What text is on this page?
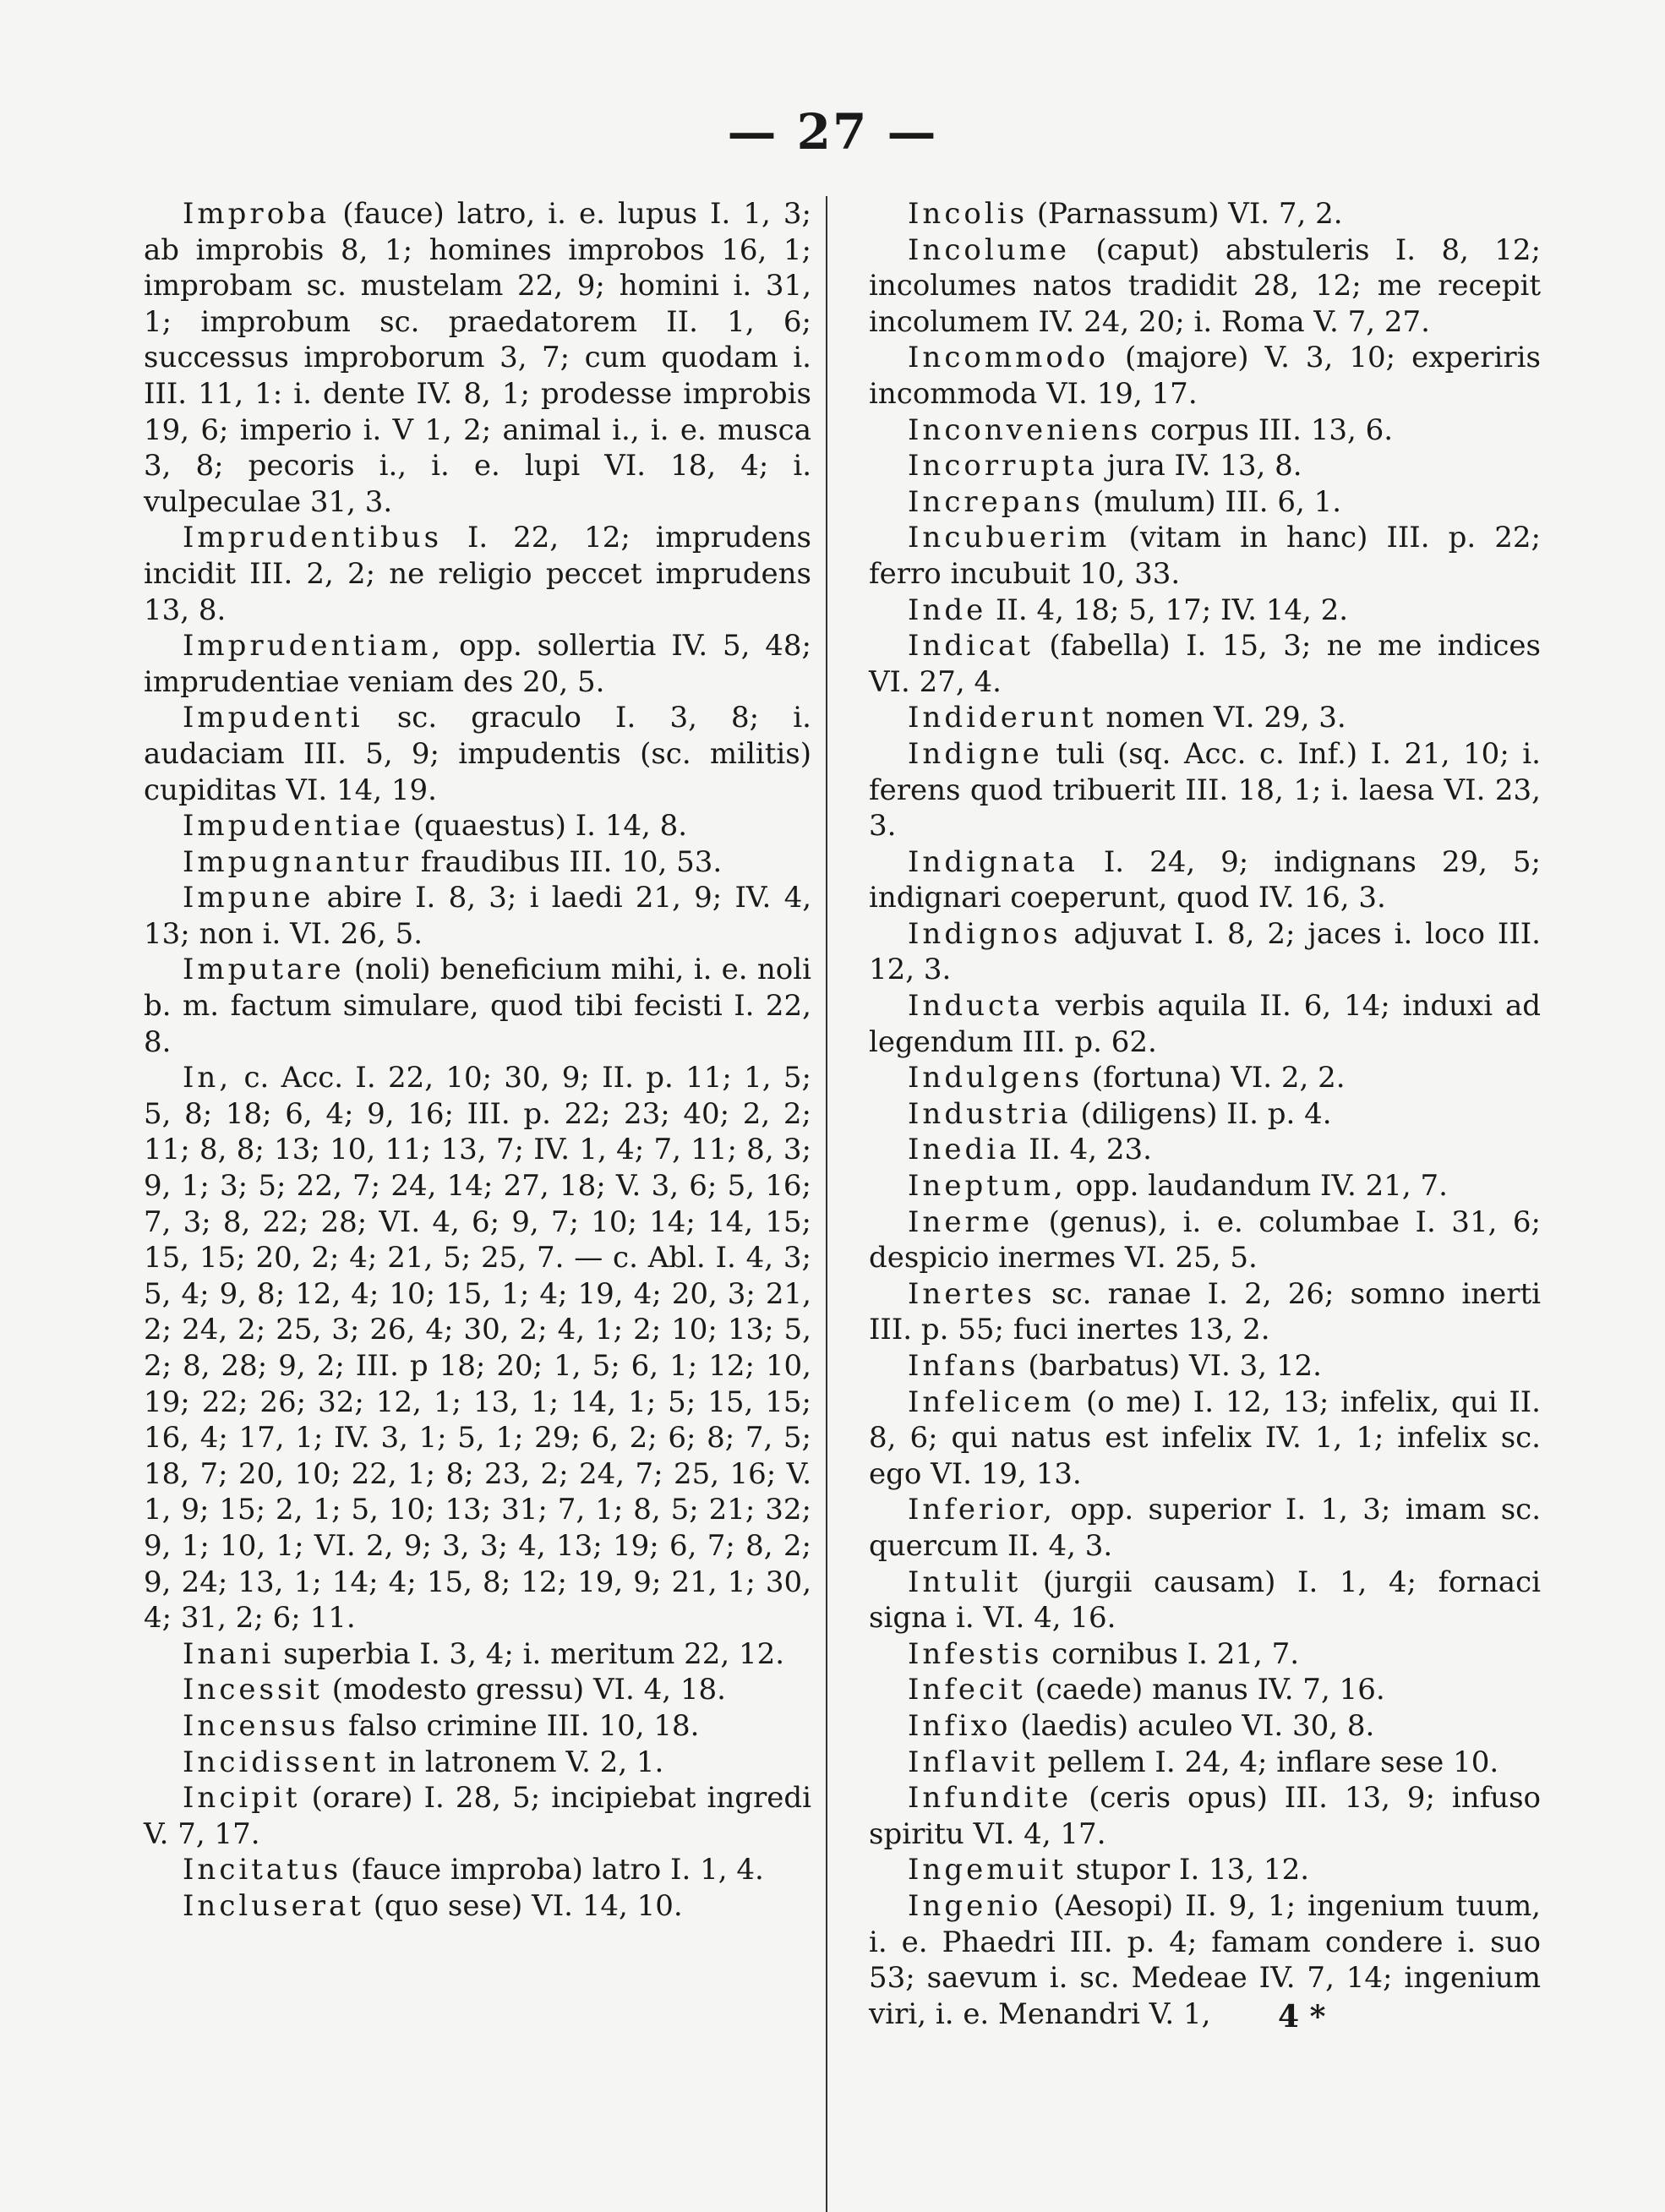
— 27 —

Improba (fauce) latro, i. e. lupus I. 1, 3; ab improbis 8, 1; homines improbos 16, 1; improbam sc. mustelam 22, 9; homini i. 31, 1; improbum sc. praedatorem II. 1, 6; successus improborum 3, 7; cum quodam i. III. 11, 1: i. dente IV. 8, 1; prodesse improbis 19, 6; imperio i. V 1, 2; animal i., i. e. musca 3, 8; pecoris i., i. e. lupi VI. 18, 4; i. vulpeculae 31, 3.

Imprudentibus I. 22, 12; imprudens incidit III. 2, 2; ne religio peccet imprudens 13, 8.

Imprudentiam, opp. sollertia IV. 5, 48; imprudentiae veniam des 20, 5.

Impudenti sc. graculo I. 3, 8; i. audaciam III. 5, 9; impudentis (sc. militis) cupiditas VI. 14, 19.

Impudentiae (quaestus) I. 14, 8.

Impugnantur fraudibus III. 10, 53.

Impune abire I. 8, 3; i laedi 21, 9; IV. 4, 13; non i. VI. 26, 5.

Imputare (noli) beneficium mihi, i. e. noli b. m. factum simulare, quod tibi fecisti I. 22, 8.

In, c. Acc. I. 22, 10; 30, 9; II. p. 11; 1, 5; 5, 8; 18; 6, 4; 9, 16; III. p. 22; 23; 40; 2, 2; 11; 8, 8; 13; 10, 11; 13, 7; IV. 1, 4; 7, 11; 8, 3; 9, 1; 3; 5; 22, 7; 24, 14; 27, 18; V. 3, 6; 5, 16; 7, 3; 8, 22; 28; VI. 4, 6; 9, 7; 10; 14; 14, 15; 15, 15; 20, 2; 4; 21, 5; 25, 7. — c. Abl. I. 4, 3; 5, 4; 9, 8; 12, 4; 10; 15, 1; 4; 19, 4; 20, 3; 21, 2; 24, 2; 25, 3; 26, 4; 30, 2; 4, 1; 2; 10; 13; 5, 2; 8, 28; 9, 2; III. p 18; 20; 1, 5; 6, 1; 12; 10, 19; 22; 26; 32; 12, 1; 13, 1; 14, 1; 5; 15, 15; 16, 4; 17, 1; IV. 3, 1; 5, 1; 29; 6, 2; 6; 8; 7, 5; 18, 7; 20, 10; 22, 1; 8; 23, 2; 24, 7; 25, 16; V. 1, 9; 15; 2, 1; 5, 10; 13; 31; 7, 1; 8, 5; 21; 32; 9, 1; 10, 1; VI. 2, 9; 3, 3; 4, 13; 19; 6, 7; 8, 2; 9, 24; 13, 1; 14; 4; 15, 8; 12; 19, 9; 21, 1; 30, 4; 31, 2; 6; 11.

Inani superbia I. 3, 4; i. meritum 22, 12.

Incessit (modesto gressu) VI. 4, 18.

Incensus falso crimine III. 10, 18.

Incidissent in latronem V. 2, 1.

Incipit (orare) I. 28, 5; incipiebat ingredi V. 7, 17.

Incitatus (fauce improba) latro I. 1, 4.

Incluserat (quo sese) VI. 14, 10.

Incolis (Parnassum) VI. 7, 2.

Incolume (caput) abstuleris I. 8, 12; incolumes natos tradidit 28, 12; me recepit incolumem IV. 24, 20; i. Roma V. 7, 27.

Incommodo (majore) V. 3, 10; experiris incommoda VI. 19, 17.

Inconveniens corpus III. 13, 6.

Incorrupta jura IV. 13, 8.

Increpans (mulum) III. 6, 1.

Incubuerim (vitam in hanc) III. p. 22; ferro incubuit 10, 33.

Inde II. 4, 18; 5, 17; IV. 14, 2.

Indicat (fabella) I. 15, 3; ne me indices VI. 27, 4.

Indiderunt nomen VI. 29, 3.

Indigne tuli (sq. Acc. c. Inf.) I. 21, 10; i. ferens quod tribuerit III. 18, 1; i. laesa VI. 23, 3.

Indignata I. 24, 9; indignans 29, 5; indignari coeperunt, quod IV. 16, 3.

Indignos adjuvat I. 8, 2; jaces i. loco III. 12, 3.

Inducta verbis aquila II. 6, 14; induxi ad legendum III. p. 62.

Indulgens (fortuna) VI. 2, 2.

Industria (diligens) II. p. 4.

Inedia II. 4, 23.

Ineptum, opp. laudandum IV. 21, 7.

Inerme (genus), i. e. columbae I. 31, 6; despicio inermes VI. 25, 5.

Inertes sc. ranae I. 2, 26; somno inerti III. p. 55; fuci inertes 13, 2.

Infans (barbatus) VI. 3, 12.

Infelicem (o me) I. 12, 13; infelix, qui II. 8, 6; qui natus est infelix IV. 1, 1; infelix sc. ego VI. 19, 13.

Inferior, opp. superior I. 1, 3; imam sc. quercum II. 4, 3.

Intulit (jurgii causam) I. 1, 4; fornaci signa i. VI. 4, 16.

Infestis cornibus I. 21, 7.

Infecit (caede) manus IV. 7, 16.

Infixo (laedis) aculeo VI. 30, 8.

Inflavit pellem I. 24, 4; inflare sese 10.

Infundite (ceris opus) III. 13, 9; infuso spiritu VI. 4, 17.

Ingemuit stupor I. 13, 12.

Ingenio (Aesopi) II. 9, 1; ingenium tuum, i. e. Phaedri III. p. 4; famam condere i. suo 53; saevum i. sc. Medeae IV. 7, 14; ingenium viri, i. e. Menandri V. 1,	4 *
